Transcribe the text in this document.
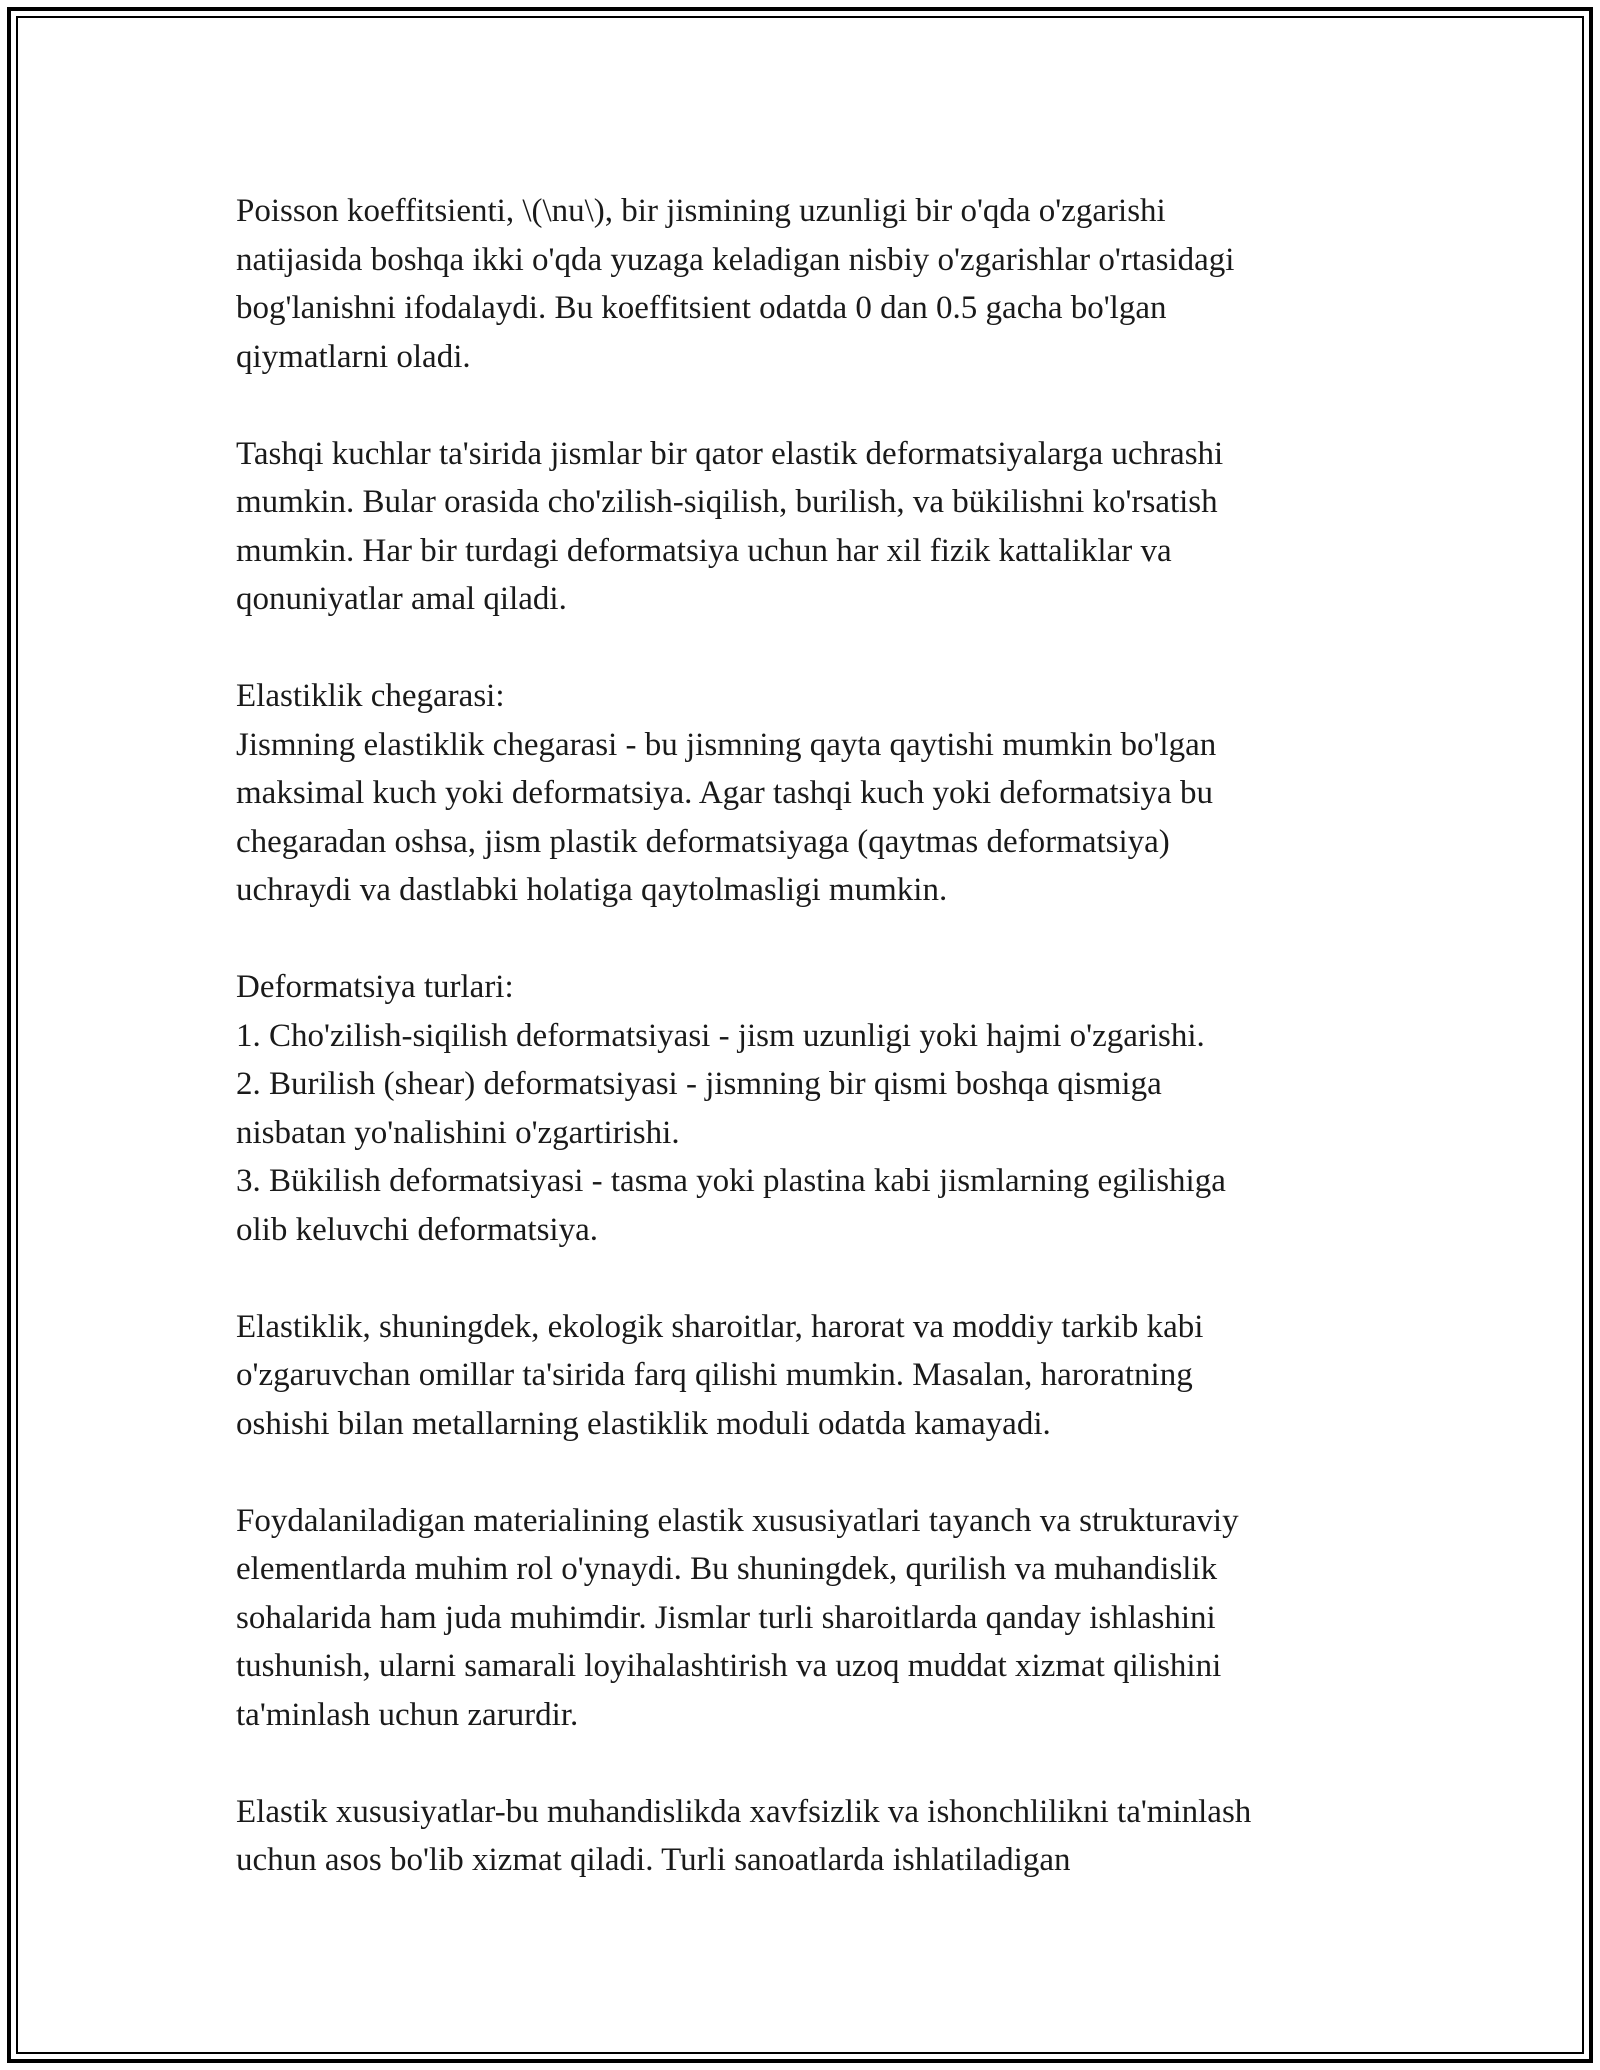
Poisson koeffitsienti, \(\nu\), bir jismining uzunligi bir o'qda o'zgarishi
natijasida boshqa ikki o'qda yuzaga keladigan nisbiy o'zgarishlar o'rtasidagi
bog'lanishni ifodalaydi. Bu koeffitsient odatda 0 dan 0.5 gacha bo'lgan
qiymatlarni oladi.

Tashqi kuchlar ta'sirida jismlar bir qator elastik deformatsiyalarga uchrashi
mumkin. Bular orasida cho'zilish-siqilish, burilish, va bükilishni ko'rsatish
mumkin. Har bir turdagi deformatsiya uchun har xil fizik kattaliklar va
qonuniyatlar amal qiladi.

Elastiklik chegarasi:
Jismning elastiklik chegarasi - bu jismning qayta qaytishi mumkin bo'lgan
maksimal kuch yoki deformatsiya. Agar tashqi kuch yoki deformatsiya bu
chegaradan oshsa, jism plastik deformatsiyaga (qaytmas deformatsiya)
uchraydi va dastlabki holatiga qaytolmasligi mumkin.

Deformatsiya turlari:
1. Cho'zilish-siqilish deformatsiyasi - jism uzunligi yoki hajmi o'zgarishi.
2. Burilish (shear) deformatsiyasi - jismning bir qismi boshqa qismiga
nisbatan yo'nalishini o'zgartirishi.
3. Bükilish deformatsiyasi - tasma yoki plastina kabi jismlarning egilishiga
olib keluvchi deformatsiya.

Elastiklik, shuningdek, ekologik sharoitlar, harorat va moddiy tarkib kabi
o'zgaruvchan omillar ta'sirida farq qilishi mumkin. Masalan, haroratning
oshishi bilan metallarning elastiklik moduli odatda kamayadi.

Foydalaniladigan materialining elastik xususiyatlari tayanch va strukturaviy
elementlarda muhim rol o'ynaydi. Bu shuningdek, qurilish va muhandislik
sohalarida ham juda muhimdir. Jismlar turli sharoitlarda qanday ishlashini
tushunish, ularni samarali loyihalashtirish va uzoq muddat xizmat qilishini
ta'minlash uchun zarurdir.

Elastik xususiyatlar-bu muhandislikda xavfsizlik va ishonchlilikni ta'minlash
uchun asos bo'lib xizmat qiladi. Turli sanoatlarda ishlatiladigan
